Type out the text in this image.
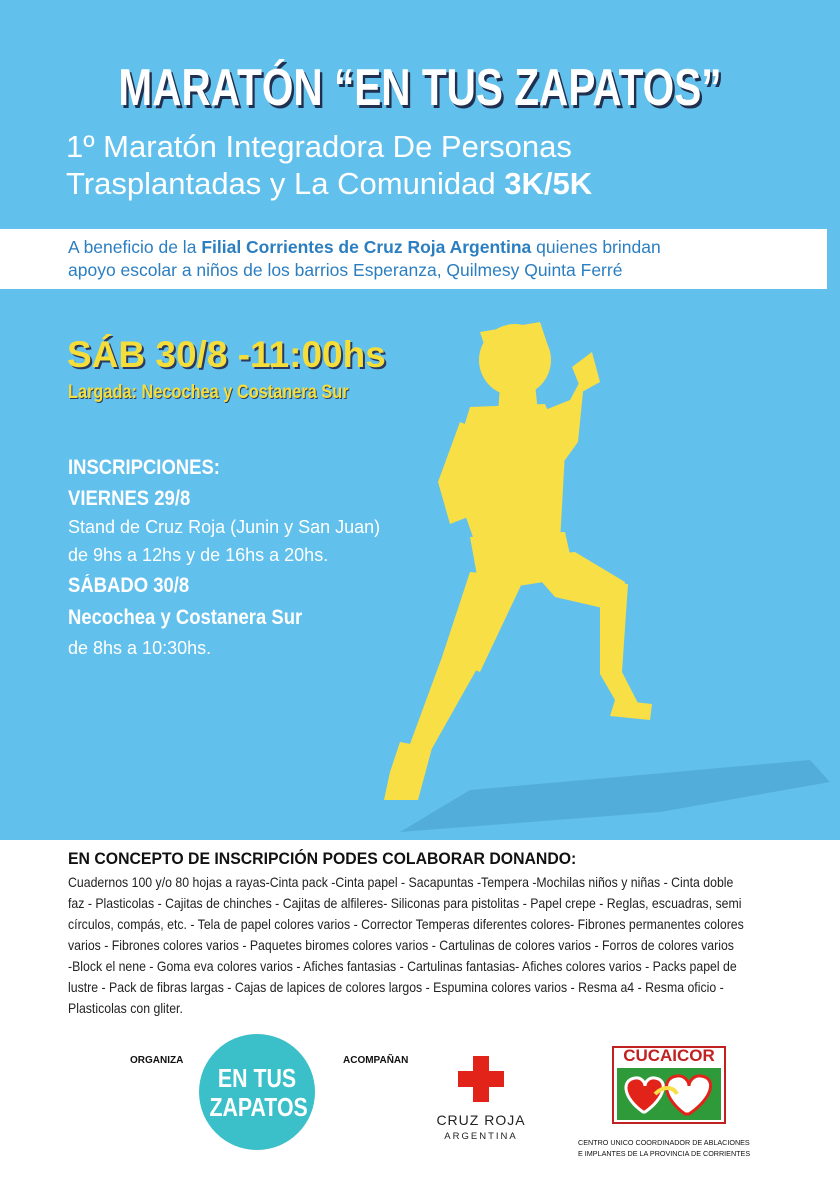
MARATÓN “EN TUS ZAPATOS”
1º Maratón Integradora De Personas
Trasplantadas y La Comunidad 3K/5K
A beneficio de la Filial Corrientes de Cruz Roja Argentina quienes brindan
apoyo escolar a niños de los barrios Esperanza, Quilmesy Quinta Ferré
SÁB 30/8 -11:00hs
Largada: Necochea y Costanera Sur
INSCRIPCIONES:
VIERNES 29/8
Stand de Cruz Roja (Junin y San Juan)
de 9hs a 12hs y de 16hs a 20hs.
SÁBADO 30/8
Necochea y Costanera Sur
de 8hs a 10:30hs.
EN CONCEPTO DE INSCRIPCIÓN PODES COLABORAR DONANDO:
Cuadernos 100 y/o 80 hojas a rayas-Cinta pack -Cinta papel - Sacapuntas -Tempera -Mochilas niños y niñas - Cinta doble
faz - Plasticolas - Cajitas de chinches - Cajitas de alfileres- Siliconas para pistolitas - Papel crepe - Reglas, escuadras, semi
círculos, compás, etc. - Tela de papel colores varios - Corrector Temperas diferentes colores- Fibrones permanentes colores
varios - Fibrones colores varios - Paquetes biromes colores varios - Cartulinas de colores varios - Forros de colores varios
-Block el nene - Goma eva colores varios - Afiches fantasias - Cartulinas fantasias- Afiches colores varios - Packs papel de
lustre - Pack de fibras largas - Cajas de lapices de colores largos - Espumina colores varios - Resma a4 - Resma oficio -
Plasticolas con gliter.
ORGANIZA
EN TUS
ZAPATOS
ACOMPAÑAN
CRUZ ROJA
ARGENTINA
CUCAICOR
CENTRO UNICO COORDINADOR DE ABLACIONES
E IMPLANTES DE LA PROVINCIA DE CORRIENTES
